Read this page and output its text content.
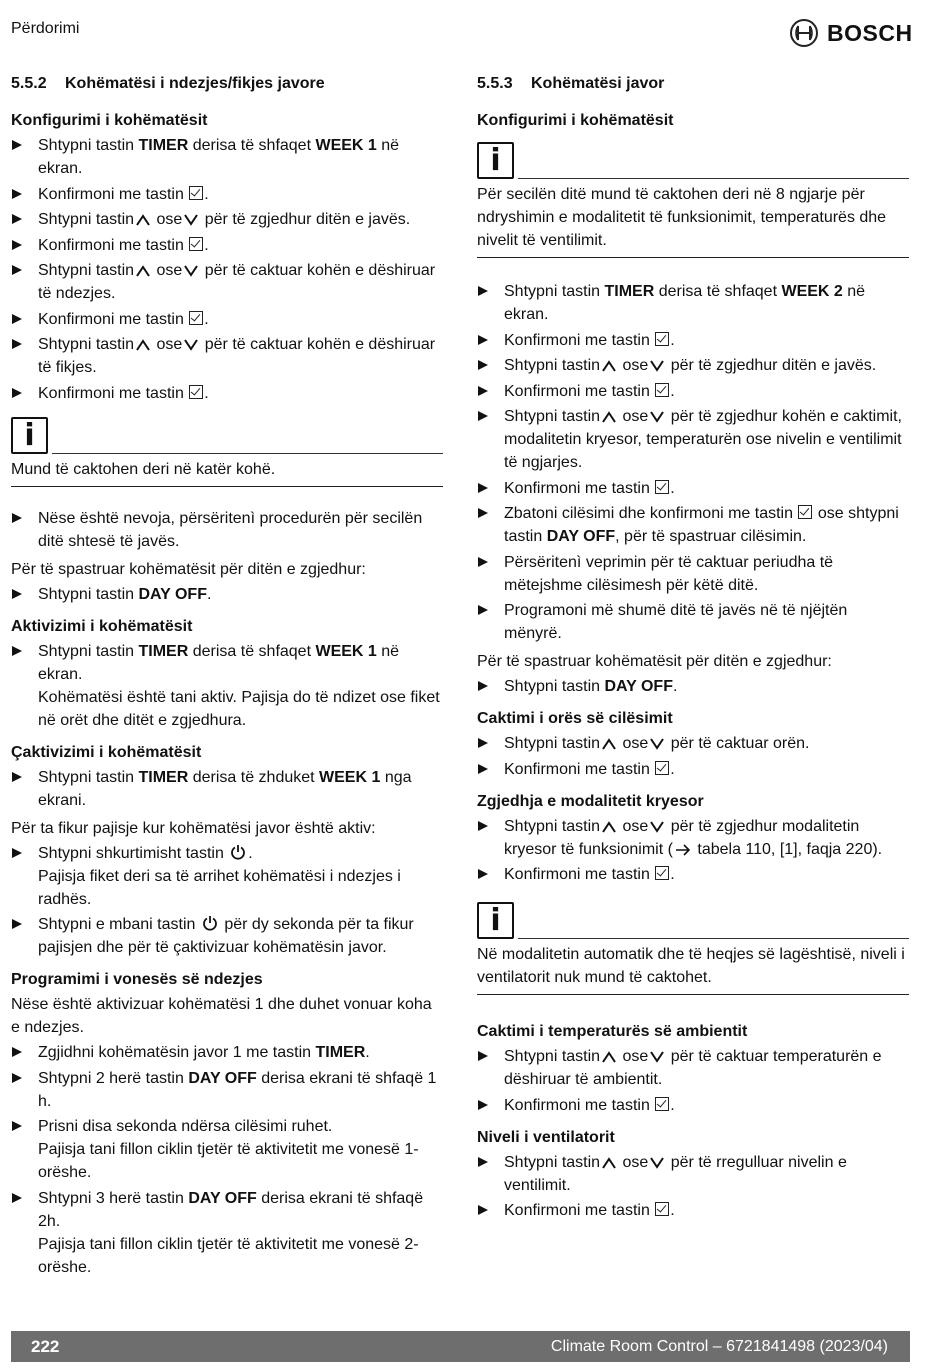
Përdorimi	BOSCH
5.5.2 Kohëmatësi i ndezjes/fikjes javore
Konfigurimi i kohëmatësit
Shtypni tastin TIMER derisa të shfaqet WEEK 1 në ekran.
Konfirmoni me tastin .
Shtypni tastin ose për të zgjedhur ditën e javës.
Konfirmoni me tastin .
Shtypni tastin ose për të caktuar kohën e dëshiruar të ndezjes.
Konfirmoni me tastin .
Shtypni tastin ose për të caktuar kohën e dëshiruar të fikjes.
Konfirmoni me tastin .
i
Mund të caktohen deri në katër kohë.
Nëse është nevoja, përsëritenì procedurën për secilën ditë shtesë të javës.
Për të spastruar kohëmatësit për ditën e zgjedhur:
Shtypni tastin DAY OFF.
Aktivizimi i kohëmatësit
Shtypni tastin TIMER derisa të shfaqet WEEK 1 në ekran.
Kohëmatësi është tani aktiv. Pajisja do të ndizet ose fiket në orët dhe ditët e zgjedhura.
Çaktivizimi i kohëmatësit
Shtypni tastin TIMER derisa të zhduket WEEK 1 nga ekrani.
Për ta fikur pajisje kur kohëmatësi javor është aktiv:
Shtypni shkurtimisht tastin .
Pajisja fiket deri sa të arrihet kohëmatësi i ndezjes i radhës.
Shtypni e mbani tastin  për dy sekonda për ta fikur pajisjen dhe për të çaktivizuar kohëmatësin javor.
Programimi i vonesës së ndezjes
Nëse është aktivizuar kohëmatësi 1 dhe duhet vonuar koha e ndezjes.
Zgjidhni kohëmatësin javor 1 me tastin TIMER.
Shtypni 2 herë tastin DAY OFF derisa ekrani të shfaqë 1 h.
Prisni disa sekonda ndërsa cilësimi ruhet.
Pajisja tani fillon ciklin tjetër të aktivitetit me vonesë 1-orëshe.
Shtypni 3 herë tastin DAY OFF derisa ekrani të shfaqë 2h.
Pajisja tani fillon ciklin tjetër të aktivitetit me vonesë 2-orëshe.
5.5.3 Kohëmatësi javor
Konfigurimi i kohëmatësit
i
Për secilën ditë mund të caktohen deri në 8 ngjarje për ndryshimin e modalitetit të funksionimit, temperaturës dhe nivelit të ventilimit.
Shtypni tastin TIMER derisa të shfaqet WEEK 2 në ekran.
Konfirmoni me tastin .
Shtypni tastin ose për të zgjedhur ditën e javës.
Konfirmoni me tastin .
Shtypni tastin ose për të zgjedhur kohën e caktimit, modalitetin kryesor, temperaturën ose nivelin e ventilimit të ngjarjes.
Konfirmoni me tastin .
Zbatoni cilësimi dhe konfirmoni me tastin  ose shtypni tastin DAY OFF, për të spastruar cilësimin.
Përsëritenì veprimin për të caktuar periudha të mëtejshme cilësimesh për këtë ditë.
Programoni më shumë ditë të javës në të njëjtën mënyrë.
Për të spastruar kohëmatësit për ditën e zgjedhur:
Shtypni tastin DAY OFF.
Caktimi i orës së cilësimit
Shtypni tastin ose për të caktuar orën.
Konfirmoni me tastin .
Zgjedhja e modalitetit kryesor
Shtypni tastin ose për të zgjedhur modalitetin kryesor të funksionimit ( tabela 110, [1], faqja 220).
Konfirmoni me tastin .
i
Në modalitetin automatik dhe të heqjes së lagështisë, niveli i ventilatorit nuk mund të caktohet.
Caktimi i temperaturës së ambientit
Shtypni tastin ose për të caktuar temperaturën e dëshiruar të ambientit.
Konfirmoni me tastin .
Niveli i ventilatorit
Shtypni tastin ose për të rregulluar nivelin e ventilimit.
Konfirmoni me tastin .
222	Climate Room Control – 6721841498 (2023/04)
